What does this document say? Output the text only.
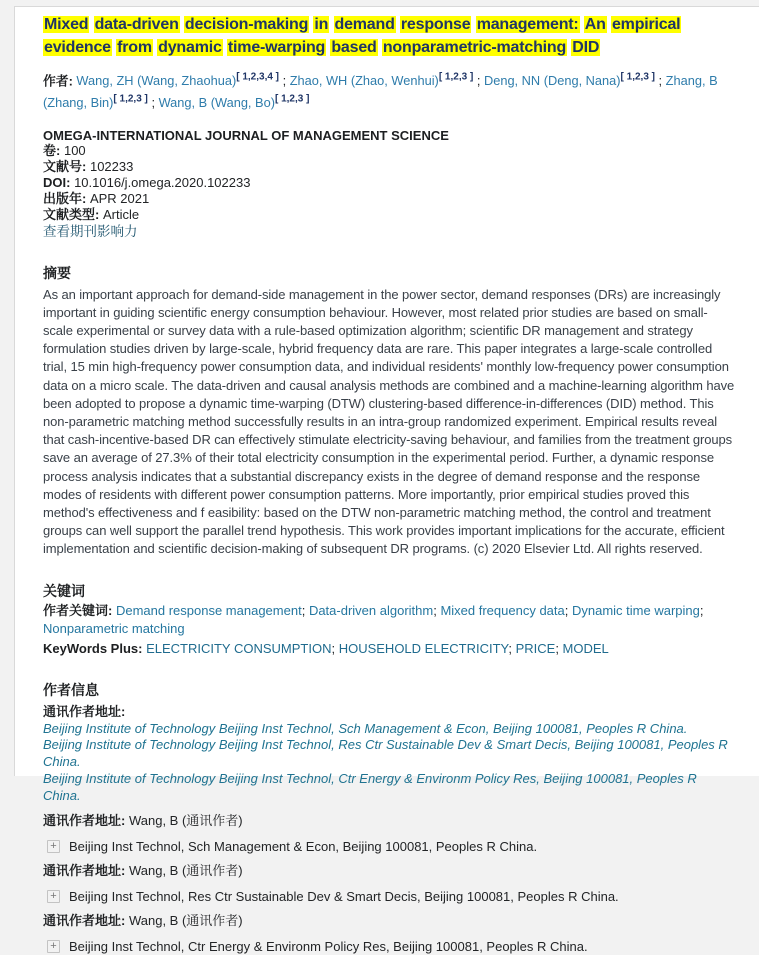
Mixed data-driven decision-making in demand response management: An empirical evidence from dynamic time-warping based nonparametric-matching DID

作者: Wang, ZH (Wang, Zhaohua)[ 1,2,3,4 ] ; Zhao, WH (Zhao, Wenhui)[ 1,2,3 ] ; Deng, NN (Deng, Nana)[ 1,2,3 ] ; Zhang, B (Zhang, Bin)[ 1,2,3 ] ; Wang, B (Wang, Bo)[ 1,2,3 ]

OMEGA-INTERNATIONAL JOURNAL OF MANAGEMENT SCIENCE
卷: 100
文献号: 102233
DOI: 10.1016/j.omega.2020.102233
出版年: APR 2021
文献类型: Article
查看期刊影响力
摘要

As an important approach for demand-side management in the power sector, demand responses (DRs) are increasingly important in guiding scientific energy consumption behaviour. However, most related prior studies are based on small-scale experimental or survey data with a rule-based optimization algorithm; scientific DR management and strategy formulation studies driven by large-scale, hybrid frequency data are rare. This paper integrates a large-scale controlled trial, 15 min high-frequency power consumption data, and individual residents' monthly low-frequency power consumption data on a micro scale. The data-driven and causal analysis methods are combined and a machine-learning algorithm have been adopted to propose a dynamic time-warping (DTW) clustering-based difference-in-differences (DID) method. This non-parametric matching method successfully results in an intra-group randomized experiment. Empirical results reveal that cash-incentive-based DR can effectively stimulate electricity-saving behaviour, and families from the treatment groups save an average of 27.3% of their total electricity consumption in the experimental period. Further, a dynamic response process analysis indicates that a substantial discrepancy exists in the degree of demand response and the response modes of residents with different power consumption patterns. More importantly, prior empirical studies proved this method's effectiveness and f easibility: based on the DTW non-parametric matching method, the control and treatment groups can well support the parallel trend hypothesis. This work provides important implications for the accurate, efficient implementation and scientific decision-making of subsequent DR programs. (c) 2020 Elsevier Ltd. All rights reserved.

关键词

作者关键词: Demand response management; Data-driven algorithm; Mixed frequency data; Dynamic time warping; Nonparametric matching

KeyWords Plus: ELECTRICITY CONSUMPTION; HOUSEHOLD ELECTRICITY; PRICE; MODEL

作者信息
通讯作者地址:
Beijing Institute of Technology Beijing Inst Technol, Sch Management & Econ, Beijing 100081, Peoples R China.
Beijing Institute of Technology Beijing Inst Technol, Res Ctr Sustainable Dev & Smart Decis, Beijing 100081, Peoples R China.
Beijing Institute of Technology Beijing Inst Technol, Ctr Energy & Environm Policy Res, Beijing 100081, Peoples R China.
通讯作者地址: Wang, B (通讯作者)
+ Beijing Inst Technol, Sch Management & Econ, Beijing 100081, Peoples R China.
通讯作者地址: Wang, B (通讯作者)
+ Beijing Inst Technol, Res Ctr Sustainable Dev & Smart Decis, Beijing 100081, Peoples R China.
通讯作者地址: Wang, B (通讯作者)
+ Beijing Inst Technol, Ctr Energy & Environm Policy Res, Beijing 100081, Peoples R China.
